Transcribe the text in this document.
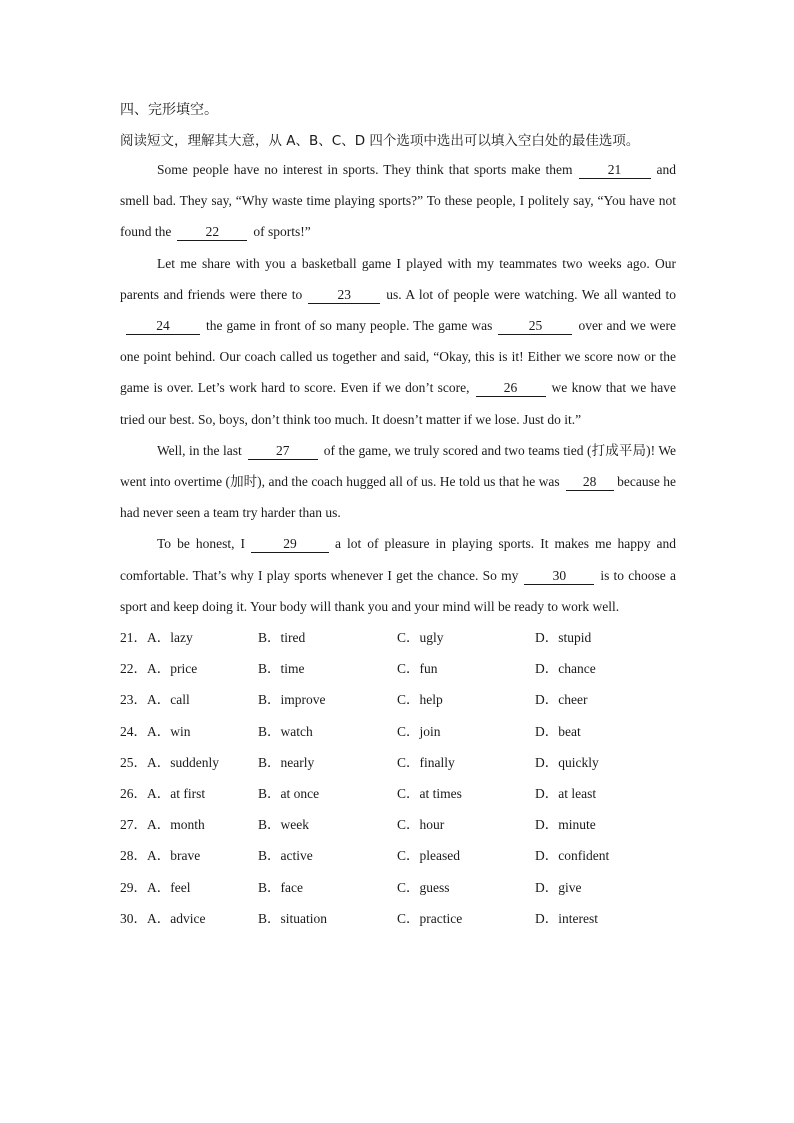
四、完形填空。
阅读短文，理解其大意，从 A、B、C、D 四个选项中选出可以填入空白处的最佳选项。

Some people have no interest in sports. They think that sports make them	21	and smell bad. They say, “Why waste time playing sports?” To these people, I politely say, “You have not found the	22	of sports!”

Let me share with you a basketball game I played with my teammates two weeks ago. Our parents and friends were there to	23	us. A lot of people were watching. We all wanted to24	the game in front of so many people. The game was	25	over and we were one point behind. Our coach called us together and said, “Okay, this is it! Either we score now or the game is over. Let’s work hard to score. Even if we don’t score,	26	we know that we have tried our best. So, boys, don’t think too much. It doesn’t matter if we lose. Just do it.”

Well, in the last	27	of the game, we truly scored and two teams tied (打成平局)! We went into overtime (加时), and the coach hugged all of us. He told us that he was 28 because he had never seen a team try harder than us.

To be honest, I	29	a lot of pleasure in playing sports. It makes me happy and comfortable. That’s why I play sports whenever I get the chance. So my	30	is to choose a sport and keep doing it. Your body will thank you and your mind will be ready to work well.

21．A．lazy	B．tired	C．ugly	D．stupid
22．A．price	B．time	C．fun	D．chance
23．A．call	B．improve	C．help	D．cheer
24．A．win	B．watch	C．join	D．beat
25．A．suddenly	B．nearly	C．finally	D．quickly
26．A．at first	B．at once	C．at times	D．at least
27．A．month	B．week	C．hour	D．minute
28．A．brave	B．active	C．pleased	D．confident
29．A．feel	B．face	C．guess	D．give
30．A．advice	B．situation	C．practice	D．interest
